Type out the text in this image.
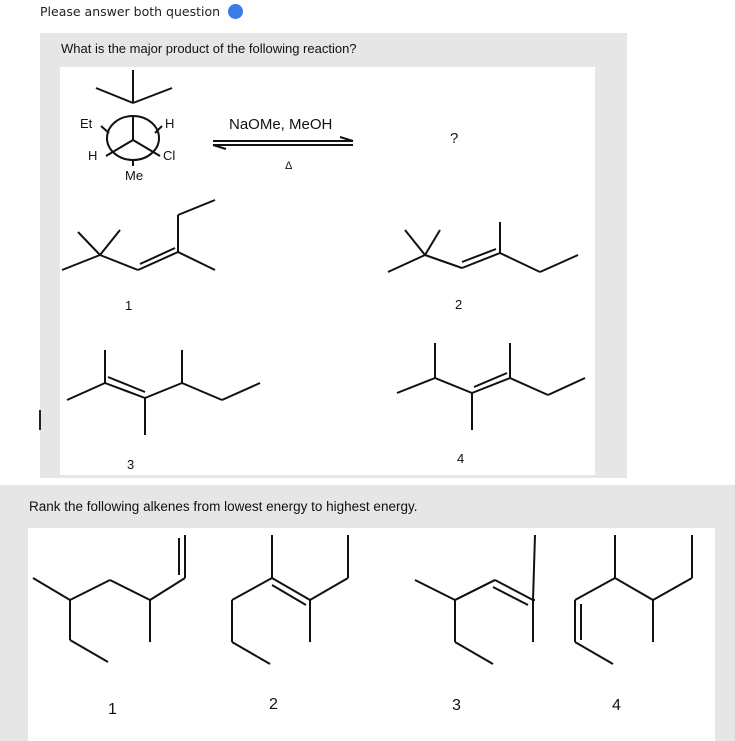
Please answer both question
What is the major product of the following reaction?
Rank the following alkenes from lowest energy to highest energy.
Et	H
H	Cl
Me
NaOMe, MeOH
Δ
?
1	2
3	4
1	2	3	4
